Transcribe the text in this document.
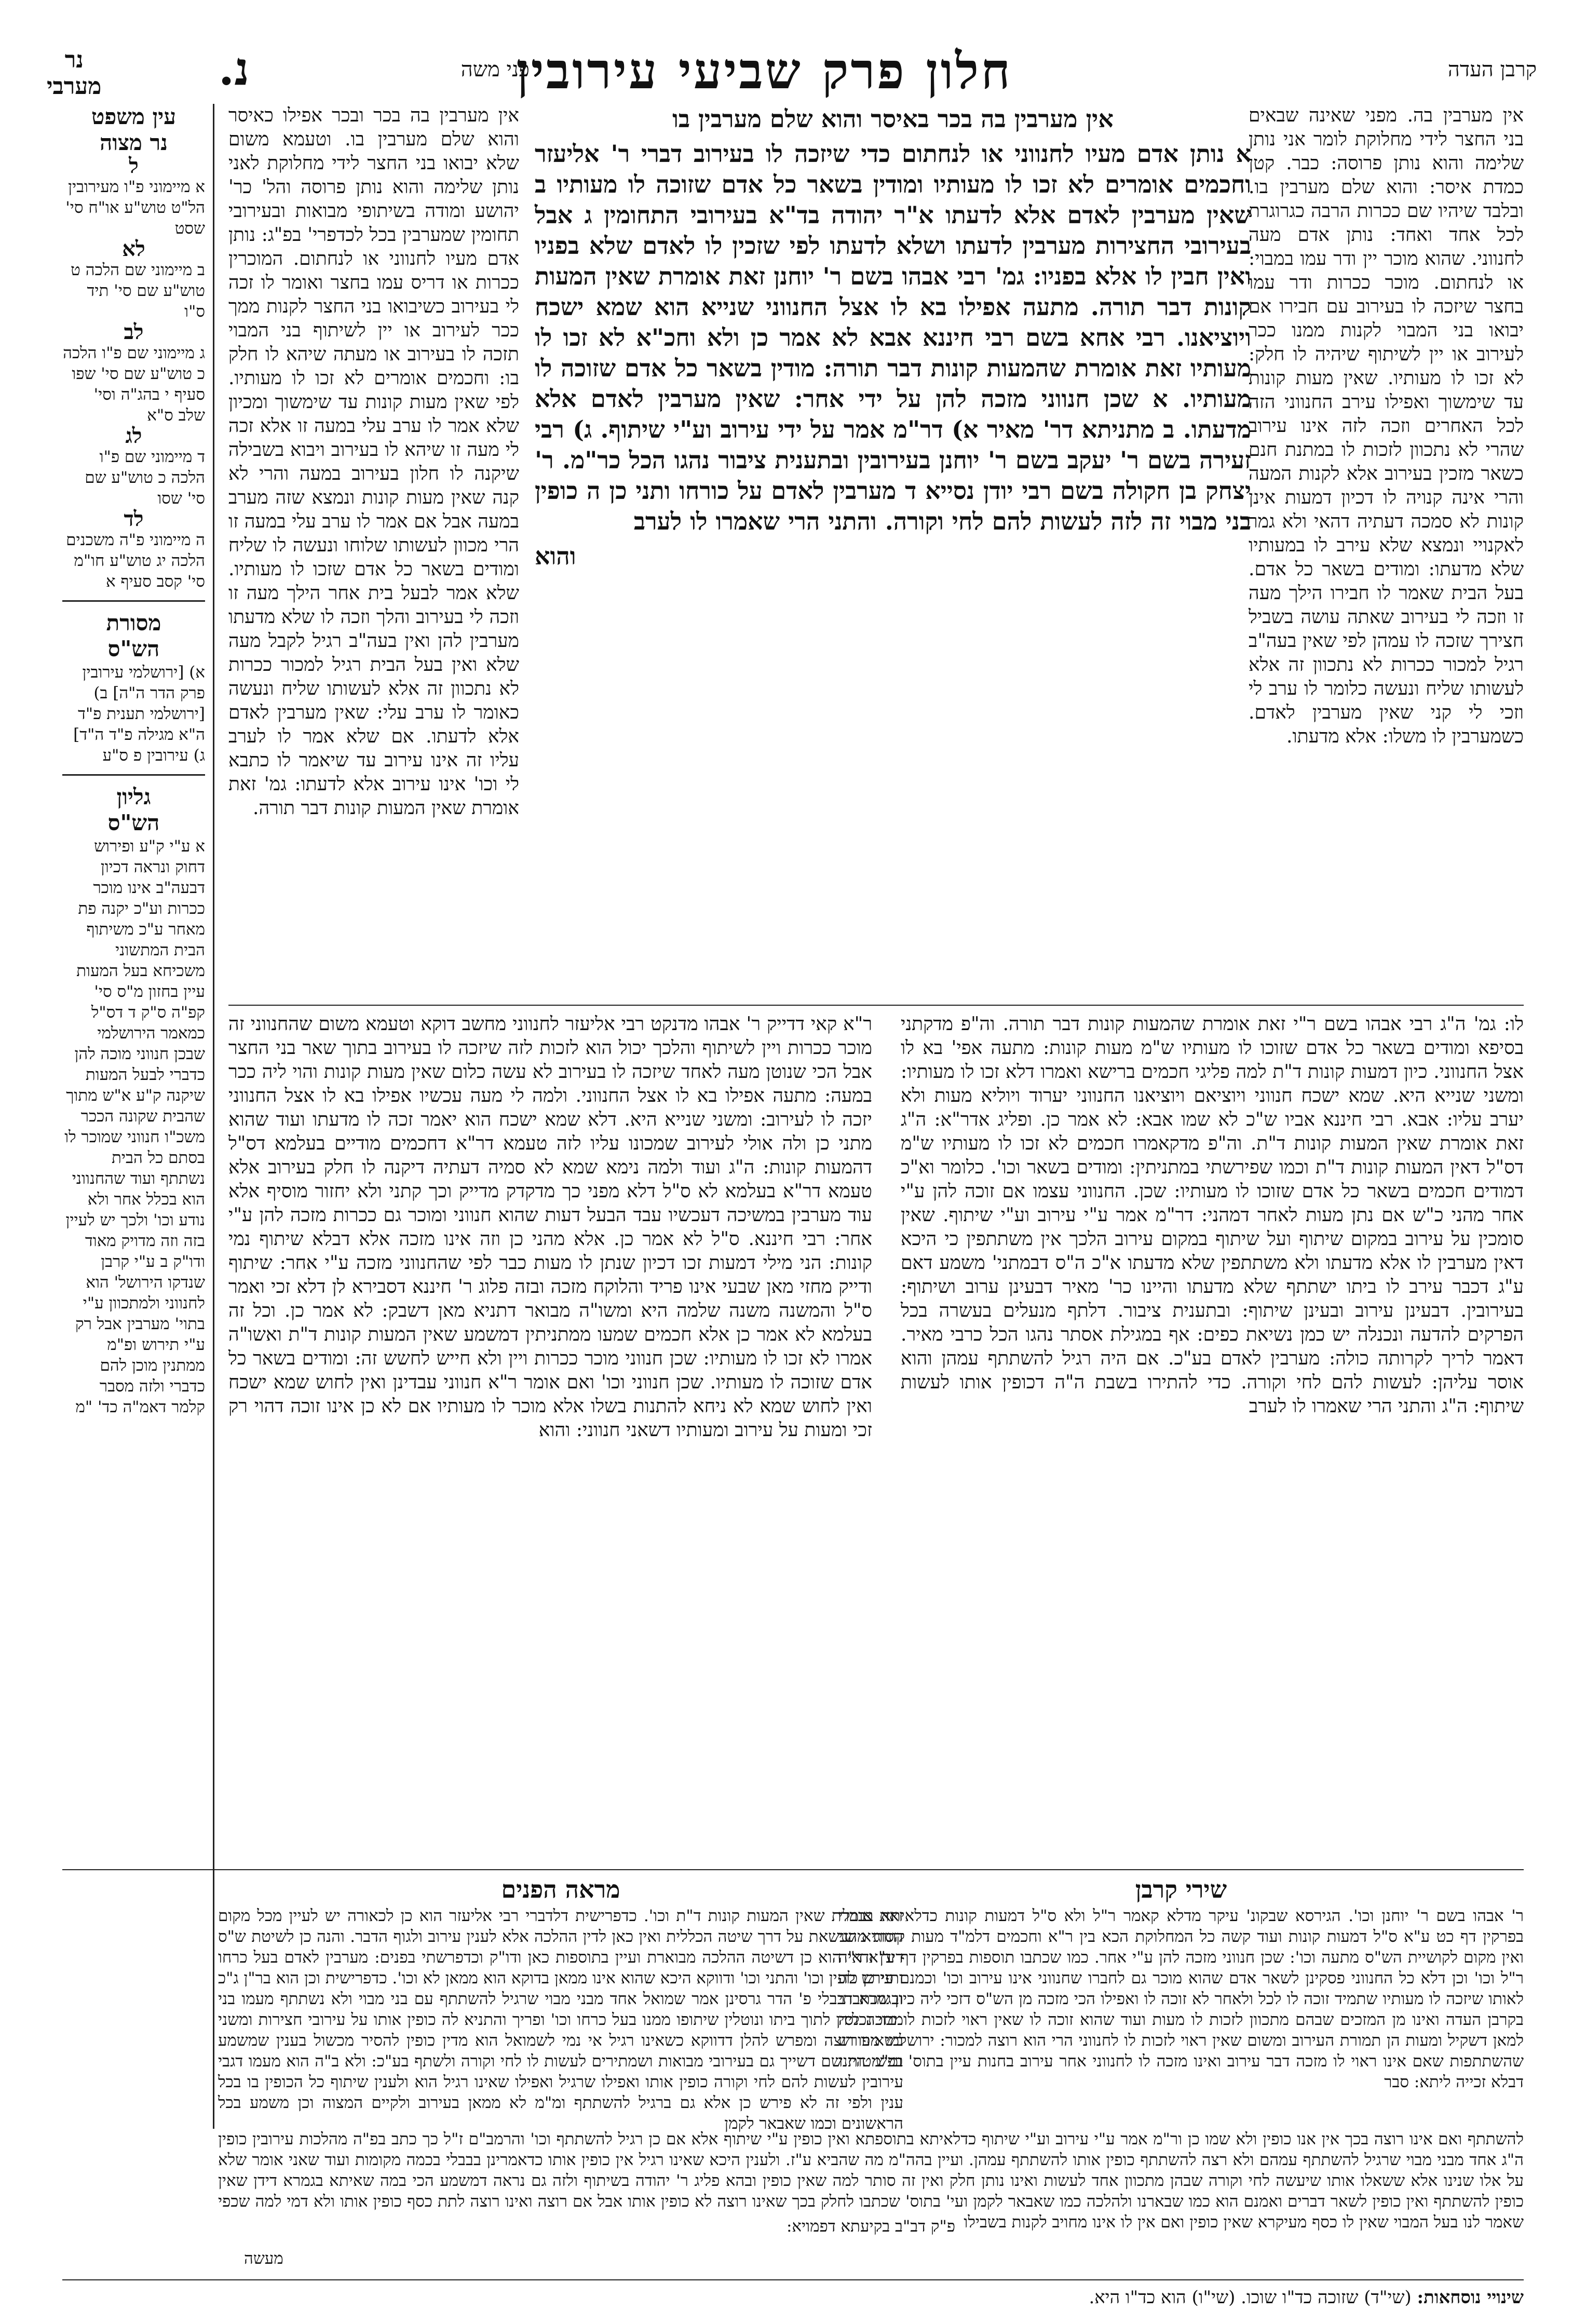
קרבן העדה
חלון פרק שביעי עירובין
פני משה
נ.
נר
מערבי
עין משפט
נר מצוה
ל
א מיימוני פ"ו מעירובין הל"ט טוש"ע או"ח סי' שסט
לא
ב מיימוני שם הלכה ט טוש"ע שם סי' תיד ס"ו
לב
ג מיימוני שם פ"ו הלכה כ טוש"ע שם סי' שפו סעיף י בהג"ה וסי' שלב ס"א
לג
ד מיימוני שם פ"ו הלכה כ טוש"ע שם סי' שסו
לד
ה מיימוני פ"ה משכנים הלכה יג טוש"ע חו"מ סי' קסב סעיף א
מסורת
הש"ס
א) [ירושלמי עירובין פרק הדר ה"ה] ב) [ירושלמי תענית פ"ד ה"א מגילה פ"ד ה"ד] ג) עירובין פ ס"ע
גליון
הש"ס
א ע"י ק"ע ופירוש דחוק ונראה דכיון דבעה"ב אינו מוכר ככרות וע"כ יקנה פת מאחר ע"כ משיתוף הבית המתשוני משכיחא בעל המעות עיין בחזון מ"ס סי' קפ"ה ס"ק ד דס"ל כמאמר הירושלמי שבכן חנווני מוכה להן כדברי לבעל המעות שיקנה ק"ע א"ש מתוך שהבית שקונה הככר משכ"ו חנווני שמוכר לו בסתם כל הבית נשתתף ועוד שהחנווני הוא בכלל אחר ולא נודע וכו' ולכך יש לעיין בזה וזה מדויק מאוד ודו"ק ב ע"י קרבן שנדקו הירושל' הוא לחנווני ולמתכוון ע"י בתוי' מערבין אבל רק ע"י תירוש ופ"מ ממתנין מוכן להם כדברי ולזה מסבר קלמר דאמ"ה כד' "מ
אין מערבין בה. מפני שאינה שבאים בני החצר לידי מחלוקת לומר אני נותן שלימה והוא נותן פרוסה: כבר. קטן כמדת איסר: והוא שלם מערבין בו. ובלבד שיהיו שם ככרות הרבה כגרוגרת לכל אחד ואחד: נותן אדם מעה לחנווני. שהוא מוכר יין ודר עמו במבוי: או לנחתום. מוכר ככרות ודר עמו בחצר שיזכה לו בעירוב עם חבירו אם יבואו בני המבוי לקנות ממנו ככר לעירוב או יין לשיתוף שיהיה לו חלק: לא זכו לו מעותיו. שאין מעות קונות עד שימשוך ואפילו עירב החנווני הזה לכל האחרים וזכה לזה אינו עירוב שהרי לא נתכוון לזכות לו במתנת חנם כשאר מזכין בעירוב אלא לקנות המעה והרי אינה קנויה לו דכיון דמעות אינן קונות לא סמכה דעתיה דהאי ולא גמר לאקנויי ונמצא שלא עירב לו במעותיו שלא מדעתו: ומודים בשאר כל אדם. בעל הבית שאמר לו חבירו הילך מעה זו וזכה לי בעירוב שאתה עושה בשביל חצירך שזכה לו עמהן לפי שאין בעה"ב רגיל למכור ככרות לא נתכוון זה אלא לעשותו שליח ונעשה כלומר לו ערב לי וזכי לי קני שאין מערבין לאדם. כשמערבין לו משלו: אלא מדעתו.
אין מערבין בה בכר ובכר אפילו כאיסר והוא שלם מערבין בו. וטעמא משום שלא יבואו בני החצר לידי מחלוקת לאני נותן שלימה והוא נותן פרוסה והל' כר' יהושע ומודה בשיתופי מבואות ובעירובי תחומין שמערבין בכל לכדפרי' בפ"ג: נותן אדם מעיו לחנווני או לנחתום. המוכרין ככרות או דריס עמו בחצר ואומר לו זכה לי בעירוב כשיבואו בני החצר לקנות ממך ככר לעירוב או יין לשיתוף בני המבוי תזכה לו בעירוב או מעתה שיהא לו חלק בו: וחכמים אומרים לא זכו לו מעותיו. לפי שאין מעות קונות עד שימשוך ומכיון שלא אמר לו ערב עלי במעה זו אלא זכה לי מעה זו שיהא לו בעירוב ויבוא בשבילה שיקנה לו חלון בעירוב במעה והרי לא קנה שאין מעות קונות ונמצא שזה מערב במעה אבל אם אמר לו ערב עלי במעה זו הרי מכוון לעשותו שלוחו ונעשה לו שליח ומודים בשאר כל אדם שזכו לו מעותיו. שלא אמר לבעל בית אחר הילך מעה זו וזכה לי בעירוב והלך וזכה לו שלא מדעתו מערבין להן ואין בעה"ב רגיל לקבל מעה שלא ואין בעל הבית רגיל למכור ככרות לא נתכוון זה אלא לעשותו שליח ונעשה כאומר לו ערב עלי: שאין מערבין לאדם אלא לדעתו. אם שלא אמר לו לערב עליו זה אינו עירוב עד שיאמר לו כתבא לי וכו' אינו עירוב אלא לדעתו: גמ' זאת אומרת שאין המעות קונות דבר תורה.

אין מערבין בה בכר באיסר והוא שלם מערבין בו

א נותן אדם מעיו לחנווני או לנחתום כדי שיזכה לו בעירוב דברי ר' אליעזר וחכמים אומרים לא זכו לו מעותיו ומודין בשאר כל אדם שזוכה לו מעותיו ב שאין מערבין לאדם אלא לדעתו א"ר יהודה בד"א בעירובי התחומין ג אבל בעירובי החצירות מערבין לדעתו ושלא לדעתו לפי שזכין לו לאדם שלא בפניו ואין חבין לו אלא בפניו: גמ' רבי אבהו בשם ר' יוחנן זאת אומרת שאין המעות קונות דבר תורה. מתעה אפילו בא לו אצל החנווני שנייא הוא שמא ישכח ויוציאנו. רבי אחא בשם רבי חיננא אבא לא אמר כן ולא וחכ"א לא זכו לו מעותיו זאת אומרת שהמעות קונות דבר תורה: מודין בשאר כל אדם שזוכה לו מעותיו. א שכן חנווני מזכה להן על ידי אחר: שאין מערבין לאדם אלא מדעתו. ב מתניתא דר' מאיר א) דר"מ אמר על ידי עירוב וע"י שיתוף. ג) רבי זעירה בשם ר' יעקב בשם ר' יוחנן בעירובין ובתענית ציבור נהגו הכל כר"מ. ר' יצחק בן חקולה בשם רבי יודן נסייא ד מערבין לאדם על כורחו ותני כן ה כופין בני מבוי זה לזה לעשות להם לחי וקורה. והתני הרי שאמרו לו לערב

והוא

לו: גמ' ה"ג רבי אבהו בשם ר"י זאת אומרת שהמעות קונות דבר תורה. וה"פ מדקתני בסיפא ומודים בשאר כל אדם שזוכו לו מעותיו ש"מ מעות קונות: מתעה אפי' בא לו אצל החנווני. כיון דמעות קונות ד"ת למה פליגי חכמים ברישא ואמרו דלא זכו לו מעותיו: ומשני שנייא היא. שמא ישכח חנווני ויוציאם ויוציאנו החנווני יערוד ויוליא מעות ולא יערב עליו: אבא. רבי חיננא אביו ש"כ לא שמו אבא: לא אמר כן. ופליג אדר"א: ה"ג זאת אומרת שאין המעות קונות ד"ת. וה"פ מדקאמרו חכמים לא זכו לו מעותיו ש"מ דס"ל דאין המעות קונות ד"ת וכמו שפירשתי במתניתין: ומודים בשאר וכו'. כלומר וא"כ דמודים חכמים בשאר כל אדם שזוכו לו מעותיו: שכן. החנווני עצמו אם זוכה להן ע"י אחר מהני כ"ש אם נתן מעות לאחר דמהני: דר"מ אמר ע"י עירוב וע"י שיתוף. שאין סומכין על עירוב במקום שיתוף ועל שיתוף במקום עירוב הלכך אין משתתפין כי היכא דאין מערבין לו אלא מדעתו ולא משתתפין שלא מדעתו א"כ ה"ס דבמתני' משמע דאם ע"ג דכבר עירב לו ביתו ישתתף שלא מדעתו והיינו כר' מאיר דבעינן ערוב ושיתוף: בעירובין. דבעינן עירוב ובעינן שיתוף: ובתענית ציבור. דלתף מנעלים בעשרה בכל הפרקים להדעה ונכנלה יש כמן נשיאת כפים: אף במגילת אסתר נהגו הכל כרבי מאיר. דאמר לריך לקרותה כולה: מערבין לאדם בע"כ. אם היה רגיל להשתתף עמהן והוא אוסר עליהן: לעשות להם לחי וקורה. כדי להתירו בשבת ה"ה דכופין אותו לעשות שיתוף: ה"ג והתני הרי שאמרו לו לערב
ר"א קאי דדייק ר' אבהו מדנקט רבי אליעזר לחנווני מחשב דוקא וטעמא משום שהחנווני זה מוכר ככרות ויין לשיתוף והלכך יכול הוא לזכות לזה שיזכה לו בעירוב בתוך שאר בני החצר אבל הכי שנוטן מעה לאחד שיזכה לו בעירוב לא עשה כלום שאין מעות קונות והוי ליה ככר במעה: מתעה אפילו בא לו אצל החנווני. ולמה לי מעה עכשיו אפילו בא לו אצל החנווני יזכה לו לעירוב: ומשני שנייא היא. דלא שמא ישכח הוא יאמר זכה לו מדעתו ועוד שהוא מתני כן ולה אולי לעירוב שמכונו עליו לזה טעמא דר"א דחכמים מודיים בעלמא דס"ל דהמעות קונות: ה"ג ועוד ולמה נימא שמא לא סמיה דעתיה דיקנה לו חלק בעירוב אלא טעמא דר"א בעלמא לא ס"ל דלא מפני כך מדקדק מדייק וכך קתני ולא יחזור מוסיף אלא עוד מערבין במשיכה דעכשיו עבד הבעל דעות שהוא חנווני ומוכר גם ככרות מזכה להן ע"י אחר: רבי חיננא. ס"ל לא אמר כן. אלא מהני כן וזה אינו מזכה אלא דבלא שיתוף נמי קונות: הני מילי דמעות זכו דכיון שנתן לו מעות כבר לפי שהחנווני מזכה ע"י אחר: שיתוף ודייק מחזי מאן שבעי אינו פריד והלוקח מזכה ובזה פלוג ר' חיננא דסבירא לן דלא זכי ואמר ס"ל והמשנה משנה שלמה היא ומשו"ה מבואר דתניא מאן דשבק: לא אמר כן. וכל זה בעלמא לא אמר כן אלא חכמים שמעו ממתניתין דמשמע שאין המעות קונות ד"ת ואשו"ה אמרו לא זכו לו מעותיו: שכן חנווני מוכר ככרות ויין ולא חייש לחשש זה: ומודים בשאר כל אדם שזוכה לו מעותיו. שכן חנווני וכו' ואם אומר ר"א חנווני עבדינן ואין לחוש שמא ישכח ואין לחוש שמא לא ניחא להתנות בשלו אלא מוכר לו מעותיו אם לא כן אינו זוכה דהוי רק זכי ומעות על עירוב ומעותיו דשאני חנווני: והוא
שירי קרבן
ר' אבהו בשם ר' יוחנן וכו'. הגירסא שבקונ' עיקר מדלא קאמר ר"ל ולא ס"ל דמעות קונות כדלאיתא בבבלי בפרקין דף כט ע"א ס"ל דמעות קונות ועוד קשה כל המחלוקת הכא בין ר"א וחכמים דלמ"ד מעות קונות מהני ואין מקום לקושיית הש"ס מתעה וכו': שכן חנווני מזכה להן ע"י אחר. כמו שכתבו תוספות בפרקין דף ע"א ד"ה ר"ל וכו' וכן דלא כל החנווני פסקינן לשאר אדם שהוא מוכר גם לחברו שחנווני אינו עירוב וכו' וכמנם פירש לה לאותו שיזכה לו מעותיו שתמיד זוכה לו לכל ולאחר לא זוכה לו ואפילו הכי מזכה מן הש"ס דזכי ליה כיון שכתבתי בקרבן העדה ואינו מן המזכים שבהם מתכוון לזכות לו מעות ועוד שהוא זוכה לו שאין ראוי לזכות לו מזכה ליה למאן דשקיל ומעות הן תמורת העירוב ומשום שאין ראוי לזכות לו לחנווני הרי הוא רוצה למכור: ירושלמי מפורש שהשתתפות שאם אינו ראוי לו מזכה דבר עירוב ואינו מזכה לו לחנווני אחר עירוב בחנות עיין בתוס' ומ"מ היינו דבלא זכייה ליתא: סבר
מראה הפנים
זאת אומרת שאין המעות קונות ד"ת וכו'. כדפרישית דלדברי רבי אליעזר הוא כן לכאורה יש לעיין מכל מקום הסוגיא שנשאת על דרך שיטה הכללית ואין כאן לדין ההלכה אלא לענין עירוב ולגוף הדבר. והנה כן לשיטת ש"ס דידן ודאי הוא כן דשיטה ההלכה מבוארת ועיין בתוספות כאן ודו"ק וכדפרשתי בפנים: מערבין לאדם בעל כרחו ותני כן כופין וכו' והתני וכו' ודווקא היכא שהוא אינו ממאן בדוקא הוא ממאן לא וכו'. כדפרישית וכן הוא בר"ן ג"כ ובגמרא דבבלי פ' הדר גרסינן אמר שמואל אחד מבני מבוי שרגיל להשתתף עם בני מבוי ולא נשתתף מעמו בני מבוי נכנסין לתוך ביתו ונוטלין שיתופו ממנו בעל כרחו וכו' ופריך והתניא לה כופין אותו על עירובי חצירות ומשני בשאינו רוצה ומפרש להלן דדווקא כשאינו רגיל אי נמי לשמואל הוא מדין כופין להסיר מכשול בענין שמשמע בפשיטות שם דשייך גם בעירובי מבואות ושמתירים לעשות לו לחי וקורה ולשתף בע"כ: ולא ב"ה הוא מעמו דגבי עירובין לעשות להם לחי וקורה כופין אותו ואפילו שרגיל ואפילו שאינו רגיל הוא ולענין שיתוף כל הכופין בו בכל ענין ולפי זה לא פירש כן אלא גם ברגיל להשתתף ומ"מ לא ממאן בעירוב ולקיים המצוה וכן משמע בכל הראשונים וכמו שאבאר לקמן
להשתתף ואם אינו רוצה בכך אין אנו כופין ולא שמו כן ור"מ אמר ע"י עירוב וע"י שיתוף כדלאיתא בתוספתא ואין כופין ע"י שיתוף אלא אם כן רגיל להשתתף וכו' והרמב"ם ז"ל כך כתב בפ"ה מהלכות עירובין כופין ה"ג אחד מבני מבוי שרגיל להשתתף עמהם ולא רצה להשתתף כופין אותו להשתתף עמהן. ועיין בהה"מ מה שהביא ע"ז. ולענין היכא שאינו רגיל אין כופין אותו כדאמרינן בבבלי בכמה מקומות ועוד שאני אומר שלא על אלו שנינו אלא ששאלו אותו שיעשה לחי וקורה שבהן מתכוון אחד לעשות ואינו נותן חלק ואין זה סותר למה שאין כופין ובהא פליג ר' יהודה בשיתוף ולזה גם נראה דמשמע הכי במה שאיתא בגמרא דידן שאין כופין להשתתף ואין כופין לשאר דברים ואמנם הוא כמו שבארנו ולהלכה כמו שאבאר לקמן ועי' בתוס' שכתבו לחלק בכך שאינו רוצה לא כופין אותו אבל אם רוצה ואינו רוצה לתת כסף כופין אותו ולא דמי למה שכפי שאמר לנו בעל המבוי שאין לו כסף מעיקרא שאין כופין ואם אין לו אינו מחויב לקנות בשבילו
פ"ק דב"ב בקיעתא דפמויא:
מעשה
שינויי נוסחאות: (שי"ד) שזוכה כד"ו שוכו. (שי"ו) הוא כד"ו היא.
